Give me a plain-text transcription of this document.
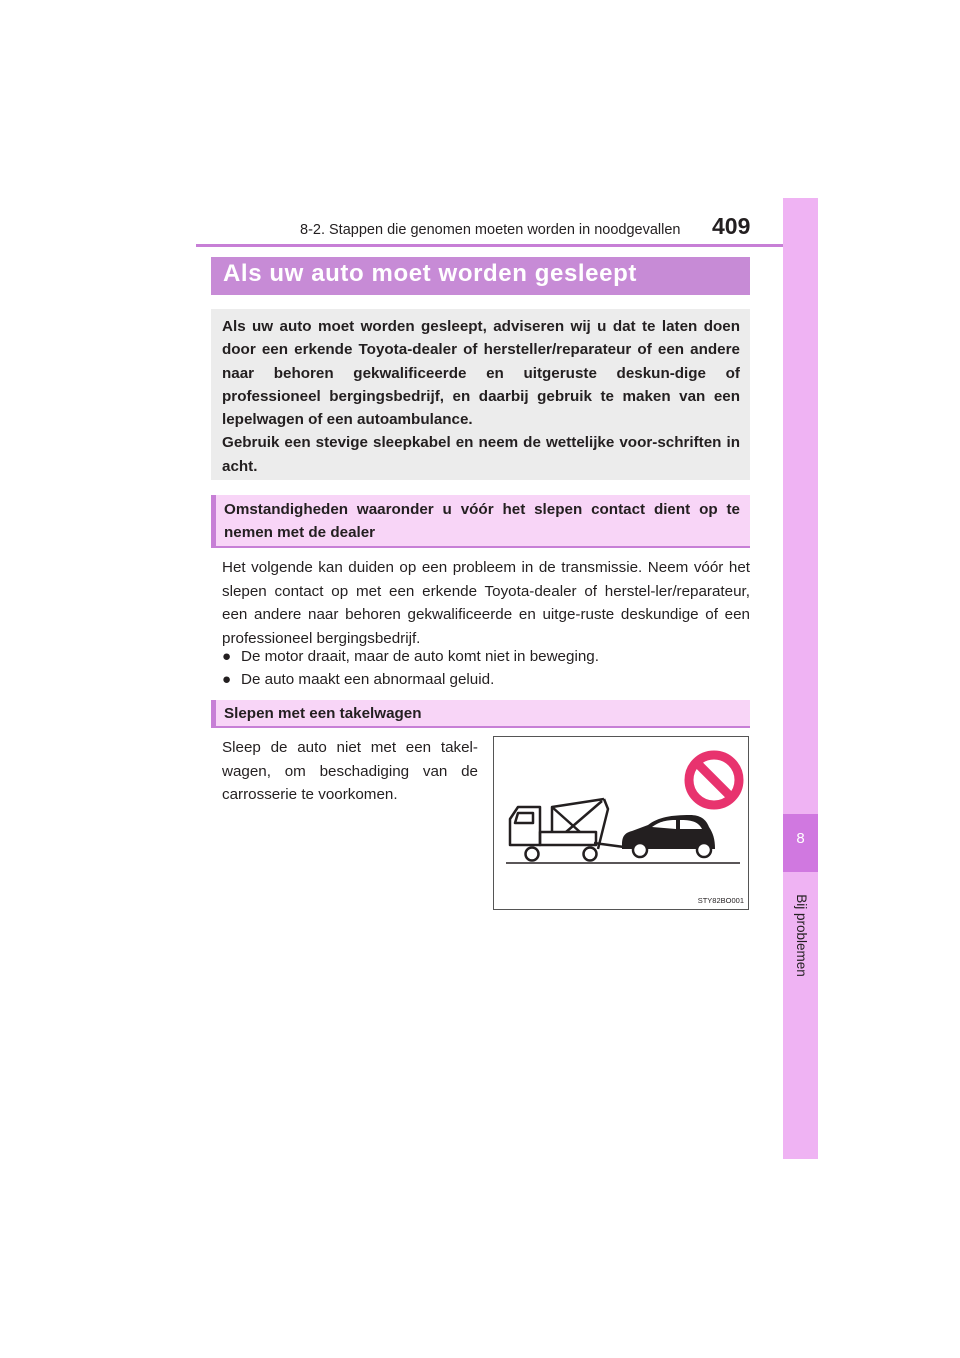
8-2. Stappen die genomen moeten worden in noodgevallen 409
8
Bij problemen
Als uw auto moet worden gesleept

Als uw auto moet worden gesleept, adviseren wij u dat te laten doen door een erkende Toyota-dealer of hersteller/reparateur of een andere naar behoren gekwalificeerde en uitgeruste deskun-dige of professioneel bergingsbedrijf, en daarbij gebruik te maken van een lepelwagen of een autoambulance.

Gebruik een stevige sleepkabel en neem de wettelijke voor-schriften in acht.

Omstandigheden waaronder u vóór het slepen contact dient op te nemen met de dealer
Het volgende kan duiden op een probleem in de transmissie. Neem vóór het slepen contact op met een erkende Toyota-dealer of herstel-ler/reparateur, een andere naar behoren gekwalificeerde en uitge-ruste deskundige of een professioneel bergingsbedrijf.
● De motor draait, maar de auto komt niet in beweging.
● De auto maakt een abnormaal geluid.
Slepen met een takelwagen
Sleep de auto niet met een takel-wagen, om beschadiging van de carrosserie te voorkomen.
STY82BO001
